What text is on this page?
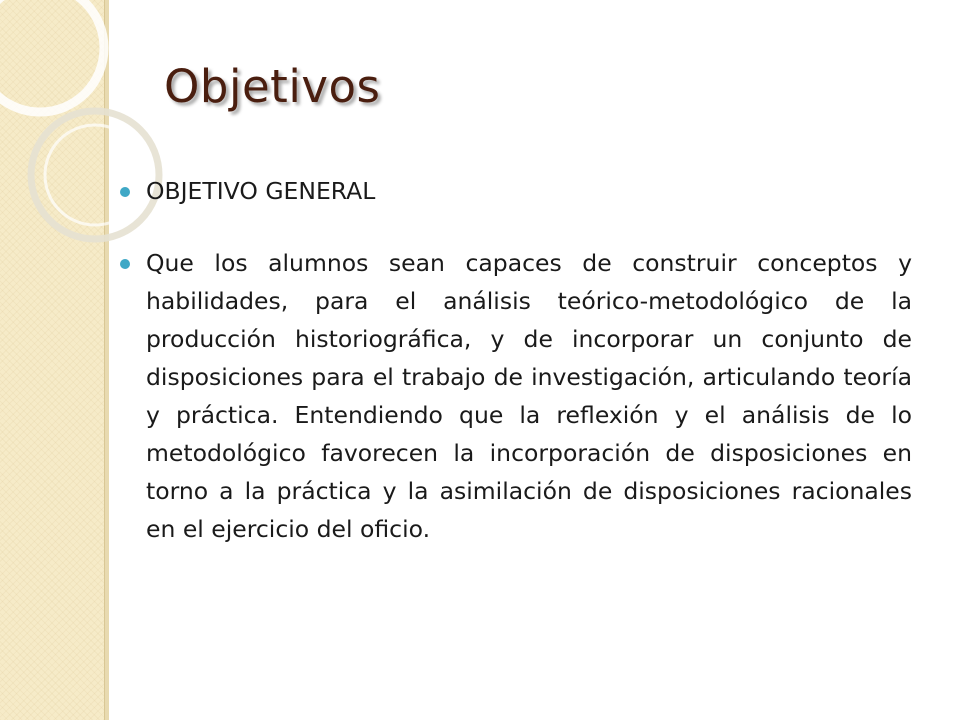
Objetivos
OBJETIVO GENERAL
Que los alumnos sean capaces de construir conceptos y habilidades, para el análisis teórico-metodológico de la producción historiográfica, y de incorporar un conjunto de disposiciones para el trabajo de investigación, articulando teoría y práctica. Entendiendo que la reflexión y el análisis de lo metodológico favorecen la incorporación de disposiciones en torno a la práctica y la asimilación de disposiciones racionales en el ejercicio del oficio.
